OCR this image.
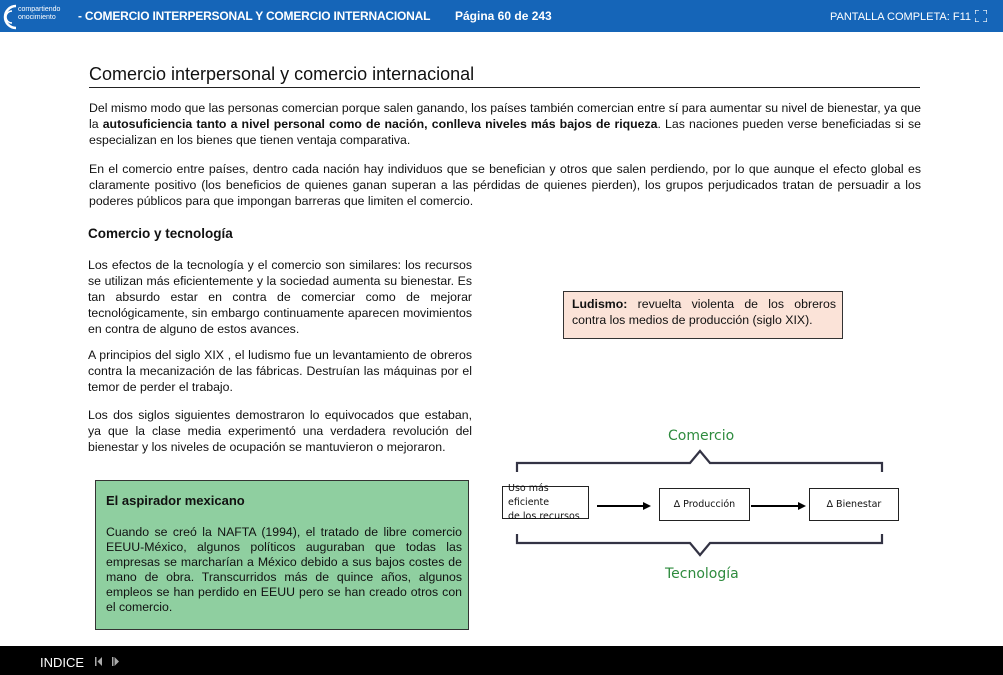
compartiendo
onocimiento	- COMERCIO INTERPERSONAL Y COMERCIO INTERNACIONAL Página 60 de 243	PANTALLA COMPLETA: F11
Comercio interpersonal y comercio internacional
Del mismo modo que las personas comercian porque salen ganando, los países también comercian entre sí para aumentar su nivel de bienestar, ya que la autosuficiencia tanto a nivel personal como de nación, conlleva niveles más bajos de riqueza. Las naciones pueden verse beneficiadas si se especializan en los bienes que tienen ventaja comparativa.
En el comercio entre países, dentro cada nación hay individuos que se benefician y otros que salen perdiendo, por lo que aunque el efecto global es claramente positivo (los beneficios de quienes ganan superan a las pérdidas de quienes pierden), los grupos perjudicados tratan de persuadir a los poderes públicos para que impongan barreras que limiten el comercio.
Comercio y tecnología
Los efectos de la tecnología y el comercio son similares: los recursos se utilizan más eficientemente y la sociedad aumenta su bienestar. Es tan absurdo estar en contra de comerciar como de mejorar tecnológicamente, sin embargo continuamente aparecen movimientos en contra de alguno de estos avances.
A principios del siglo XIX , el ludismo fue un levantamiento de obreros contra la mecanización de las fábricas. Destruían las máquinas por el temor de perder el trabajo.
Los dos siglos siguientes demostraron lo equivocados que estaban, ya que la clase media experimentó una verdadera revolución del bienestar y los niveles de ocupación se mantuvieron o mejoraron.
El aspirador mexicano
Cuando se creó la NAFTA (1994), el tratado de libre comercio EEUU-México, algunos políticos auguraban que todas las empresas se marcharían a México debido a sus bajos costes de mano de obra. Transcurridos más de quince años, algunos empleos se han perdido en EEUU pero se han creado otros con el comercio.
Ludismo: revuelta violenta de los obreros contra los medios de producción (siglo XIX).
Comercio
Uso más eficiente
de los recursos
∆ Producción	∆ Bienestar
Tecnología
INDICE
